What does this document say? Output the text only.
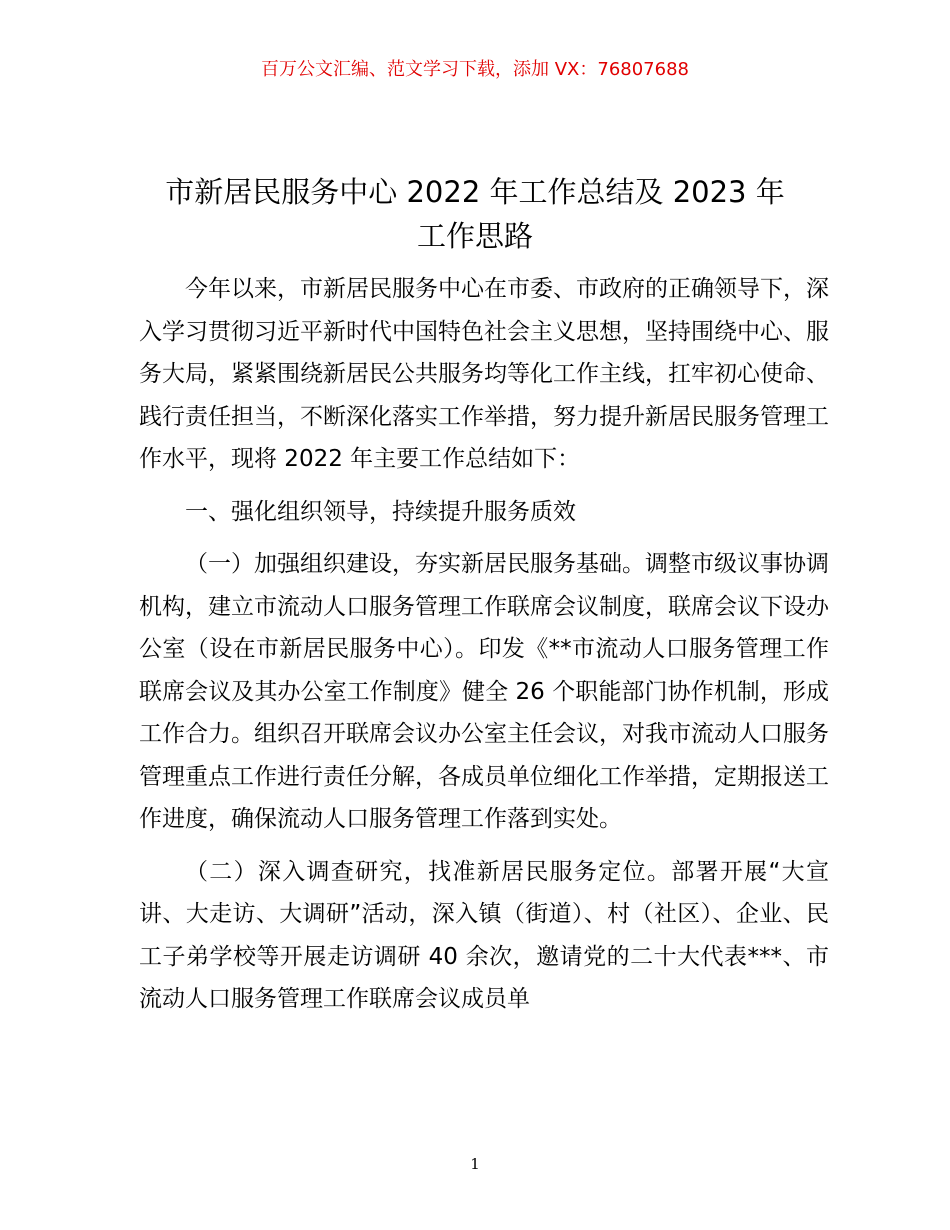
百万公文汇编、范文学习下载，添加 VX：76807688
市新居民服务中心 2022 年工作总结及 2023 年
工作思路

今年以来，市新居民服务中心在市委、市政府的正确领导下，深入学习贯彻习近平新时代中国特色社会主义思想，坚持围绕中心、服务大局，紧紧围绕新居民公共服务均等化工作主线，扛牢初心使命、践行责任担当，不断深化落实工作举措，努力提升新居民服务管理工作水平，现将 2022 年主要工作总结如下：

一、强化组织领导，持续提升服务质效

（一）加强组织建设，夯实新居民服务基础。调整市级议事协调机构，建立市流动人口服务管理工作联席会议制度，联席会议下设办公室（设在市新居民服务中心）。印发《**市流动人口服务管理工作联席会议及其办公室工作制度》健全 26 个职能部门协作机制，形成工作合力。组织召开联席会议办公室主任会议，对我市流动人口服务管理重点工作进行责任分解，各成员单位细化工作举措，定期报送工作进度，确保流动人口服务管理工作落到实处。

（二）深入调查研究，找准新居民服务定位。部署开展“大宣讲、大走访、大调研”活动，深入镇（街道）、村（社区）、企业、民工子弟学校等开展走访调研 40 余次，邀请党的二十大代表***、市流动人口服务管理工作联席会议成员单

1
